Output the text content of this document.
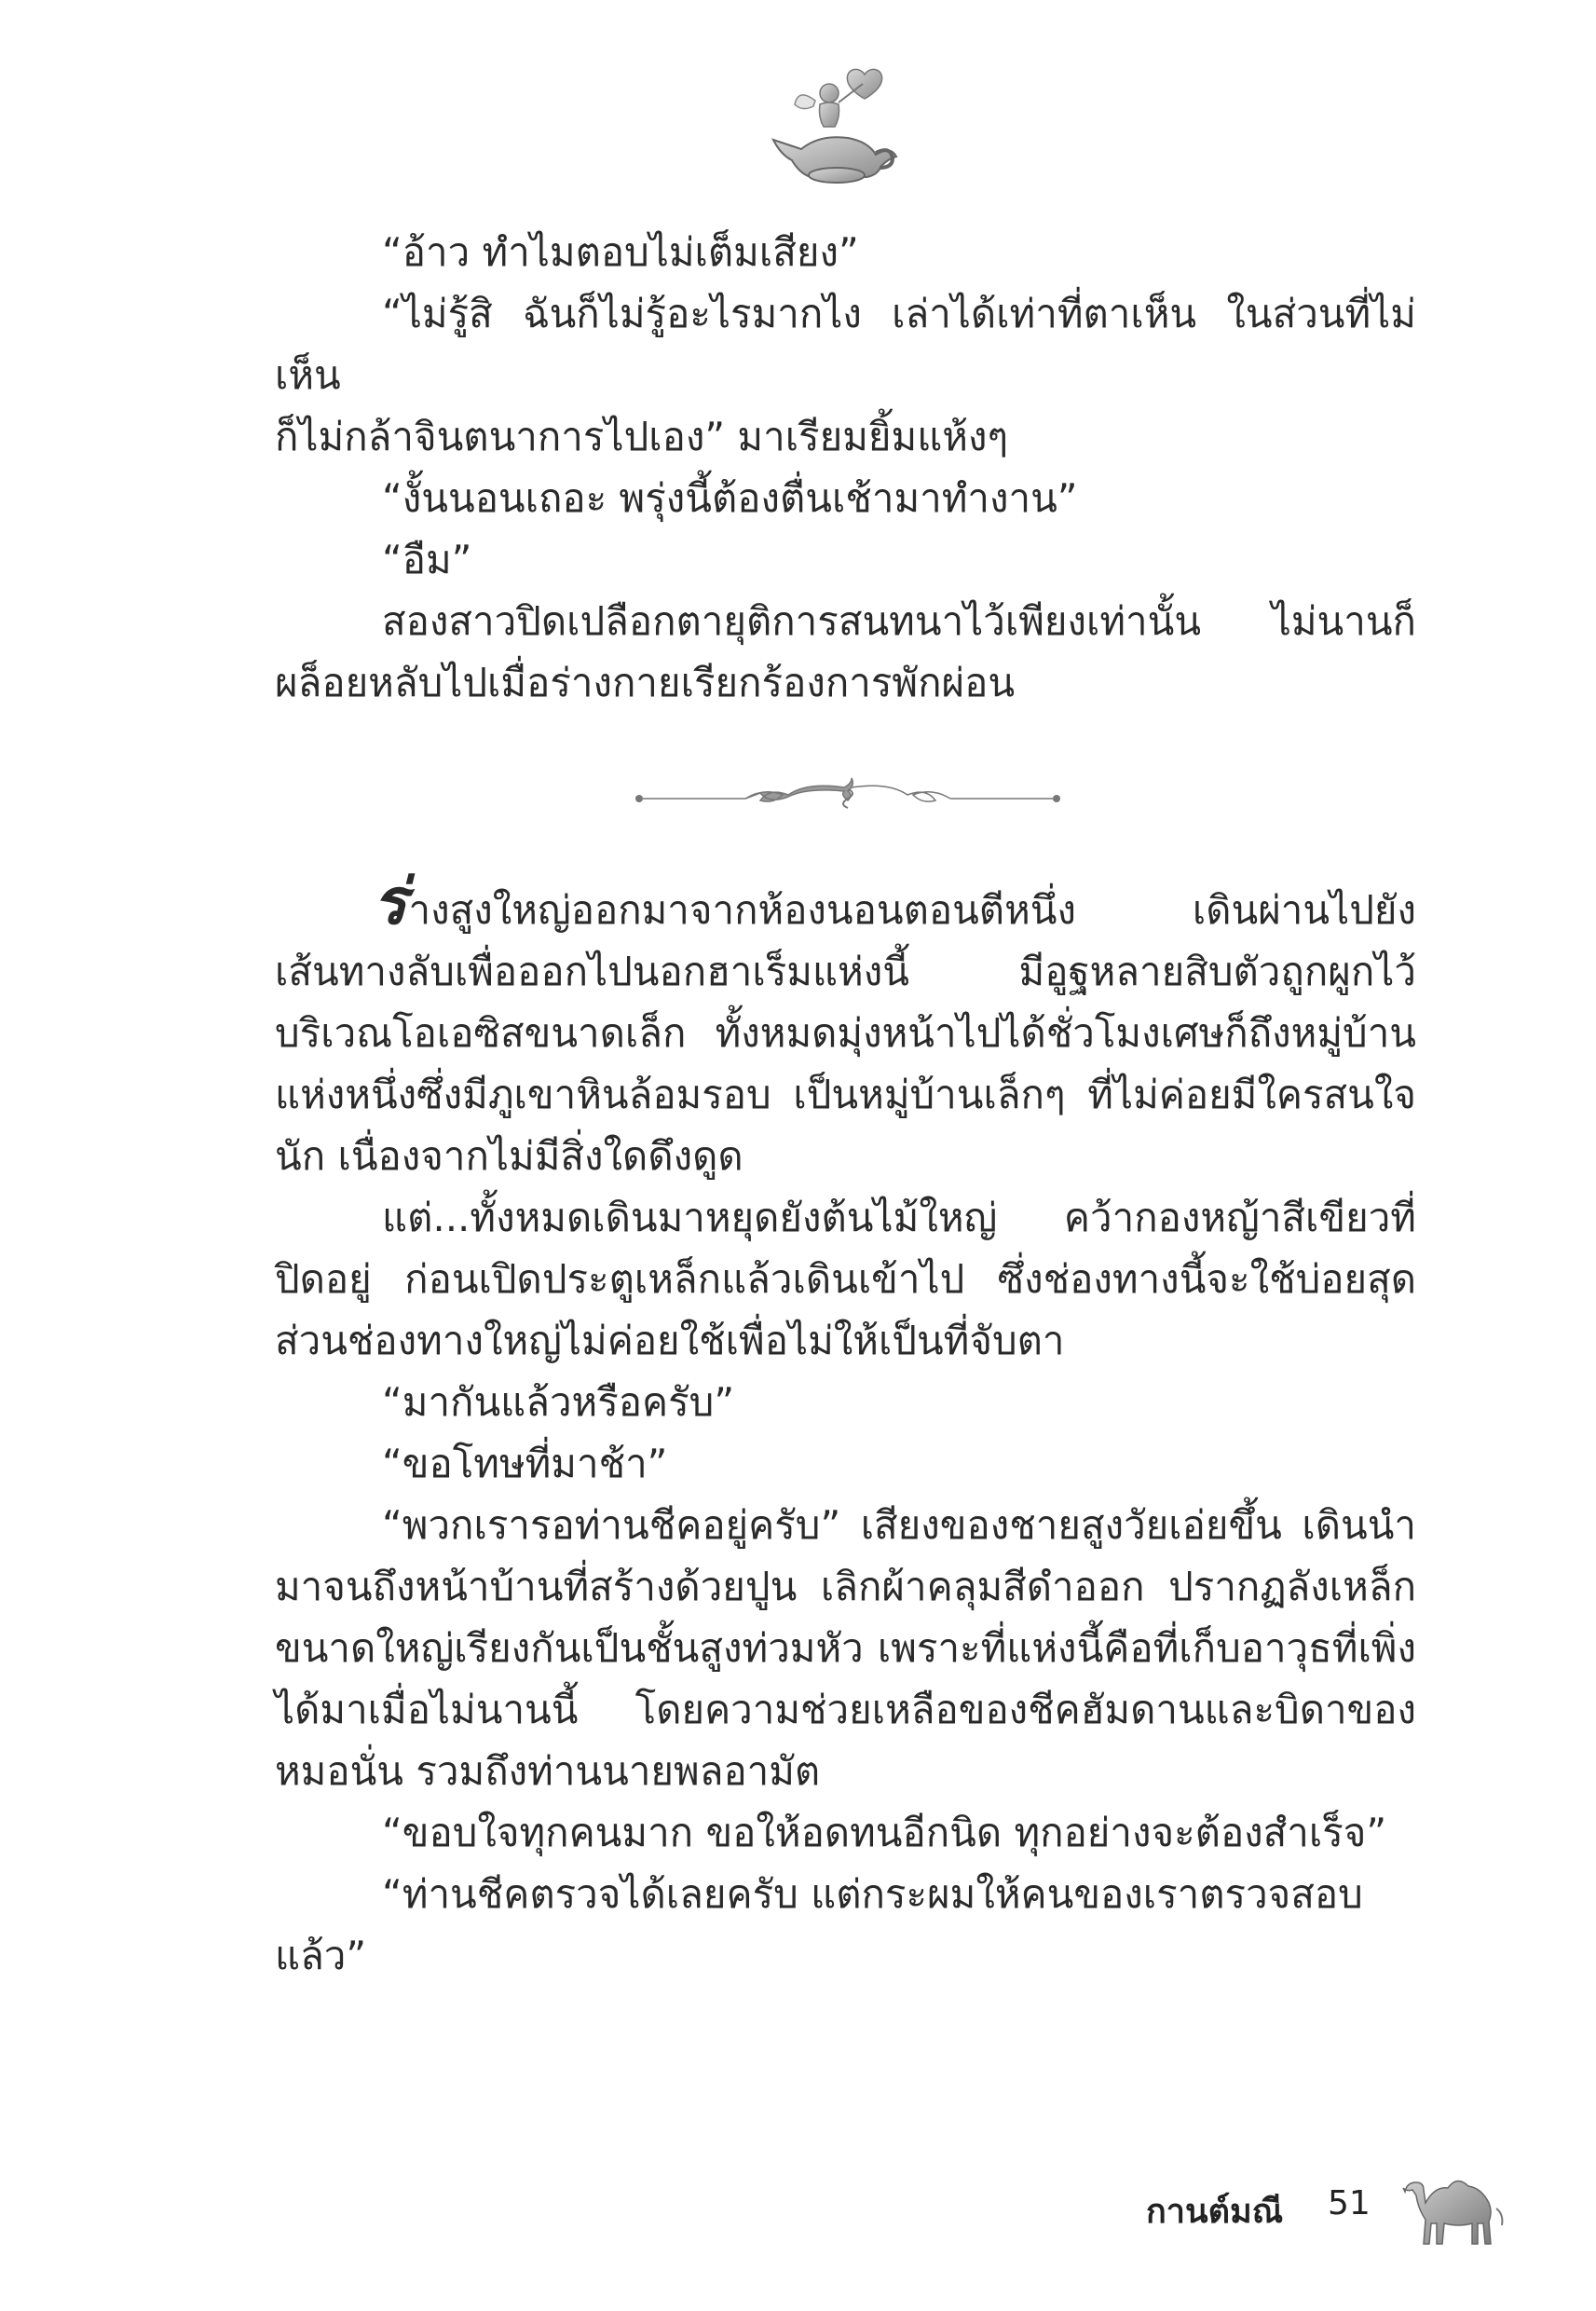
“อ้าว ทำไมตอบไม่เต็มเสียง”

“ไม่รู้สิ ฉันก็ไม่รู้อะไรมากไง เล่าได้เท่าที่ตาเห็น ในส่วนที่ไม่เห็น

ก็ไม่กล้าจินตนาการไปเอง” มาเรียมยิ้มแห้งๆ

“งั้นนอนเถอะ พรุ่งนี้ต้องตื่นเช้ามาทำงาน”

“อืม”

สองสาวปิดเปลือกตายุติการสนทนาไว้เพียงเท่านั้น ไม่นานก็

ผล็อยหลับไปเมื่อร่างกายเรียกร้องการพักผ่อน

ร่างสูงใหญ่ออกมาจากห้องนอนตอนตีหนึ่ง เดินผ่านไปยัง

เส้นทางลับเพื่อออกไปนอกฮาเร็มแห่งนี้ มีอูฐหลายสิบตัวถูกผูกไว้

บริเวณโอเอซิสขนาดเล็ก ทั้งหมดมุ่งหน้าไปได้ชั่วโมงเศษก็ถึงหมู่บ้าน

แห่งหนึ่งซึ่งมีภูเขาหินล้อมรอบ เป็นหมู่บ้านเล็กๆ ที่ไม่ค่อยมีใครสนใจ

นัก เนื่องจากไม่มีสิ่งใดดึงดูด

แต่...ทั้งหมดเดินมาหยุดยังต้นไม้ใหญ่ คว้ากองหญ้าสีเขียวที่

ปิดอยู่ ก่อนเปิดประตูเหล็กแล้วเดินเข้าไป ซึ่งช่องทางนี้จะใช้บ่อยสุด

ส่วนช่องทางใหญ่ไม่ค่อยใช้เพื่อไม่ให้เป็นที่จับตา

“มากันแล้วหรือครับ”

“ขอโทษที่มาช้า”

“พวกเรารอท่านชีคอยู่ครับ” เสียงของชายสูงวัยเอ่ยขึ้น เดินนำ

มาจนถึงหน้าบ้านที่สร้างด้วยปูน เลิกผ้าคลุมสีดำออก ปรากฏลังเหล็ก

ขนาดใหญ่เรียงกันเป็นชั้นสูงท่วมหัว เพราะที่แห่งนี้คือที่เก็บอาวุธที่เพิ่ง

ได้มาเมื่อไม่นานนี้ โดยความช่วยเหลือของชีคฮัมดานและบิดาของ

หมอนั่น รวมถึงท่านนายพลอามัต

“ขอบใจทุกคนมาก ขอให้อดทนอีกนิด ทุกอย่างจะต้องสำเร็จ”

“ท่านชีคตรวจได้เลยครับ แต่กระผมให้คนของเราตรวจสอบแล้ว”

กานต์มณี 51
